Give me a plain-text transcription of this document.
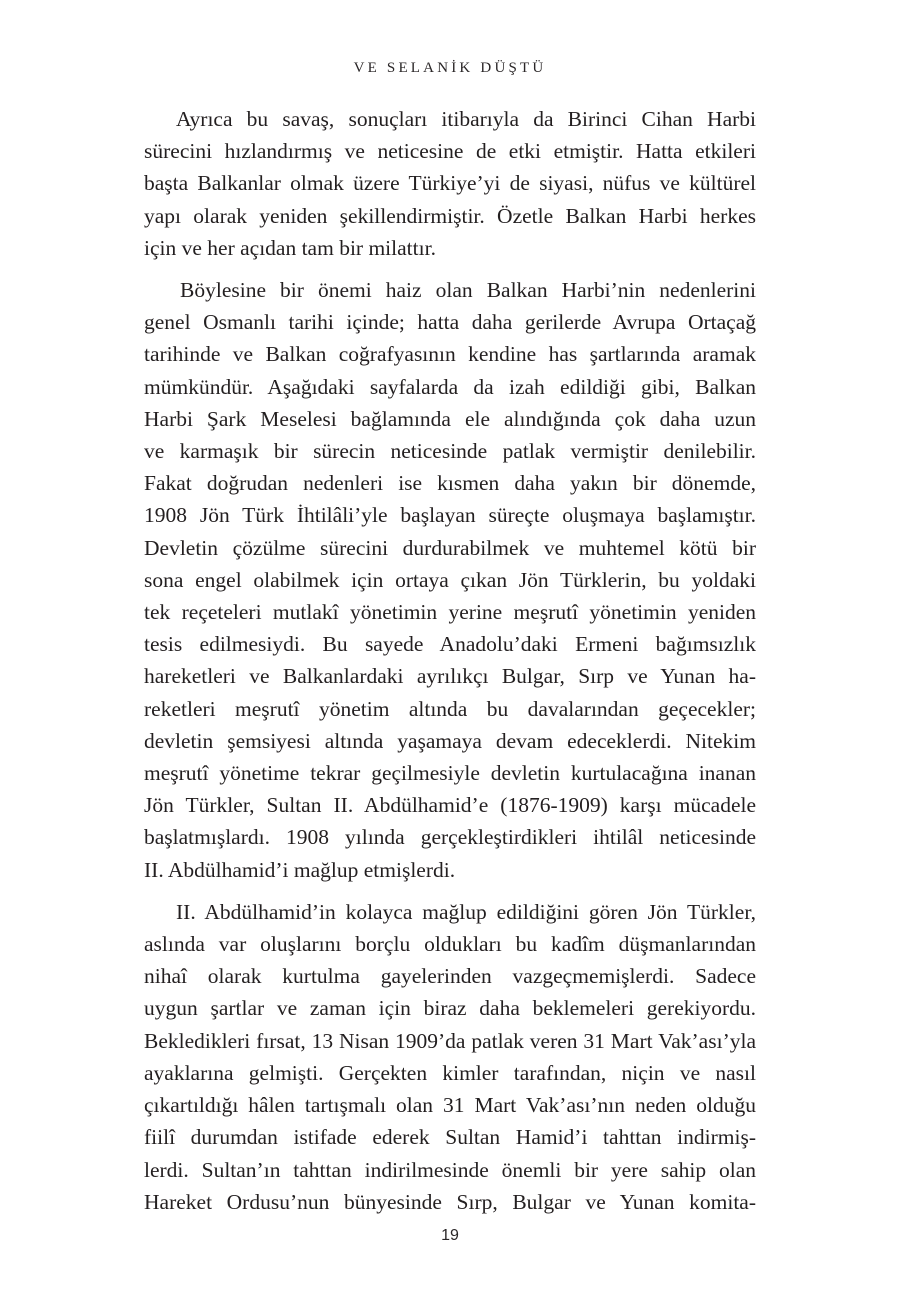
VE SELANİK DÜŞTÜ

Ayrıca bu savaş, sonuçları itibarıyla da Birinci Cihan Harbi
sürecini hızlandırmış ve neticesine de etki etmiştir. Hatta etkileri
başta Balkanlar olmak üzere Türkiye’yi de siyasi, nüfus ve kültürel
yapı olarak yeniden şekillendirmiştir. Özetle Balkan Harbi herkes
için ve her açıdan tam bir milattır.

Böylesine bir önemi haiz olan Balkan Harbi’nin nedenlerini
genel Osmanlı tarihi içinde; hatta daha gerilerde Avrupa Ortaçağ
tarihinde ve Balkan coğrafyasının kendine has şartlarında aramak
mümkündür. Aşağıdaki sayfalarda da izah edildiği gibi, Balkan
Harbi Şark Meselesi bağlamında ele alındığında çok daha uzun
ve karmaşık bir sürecin neticesinde patlak vermiştir denilebilir.
Fakat doğrudan nedenleri ise kısmen daha yakın bir dönemde,
1908 Jön Türk İhtilâli’yle başlayan süreçte oluşmaya başlamıştır.
Devletin çözülme sürecini durdurabilmek ve muhtemel kötü bir
sona engel olabilmek için ortaya çıkan Jön Türklerin, bu yoldaki
tek reçeteleri mutlakî yönetimin yerine meşrutî yönetimin yeniden
tesis edilmesiydi. Bu sayede Anadolu’daki Ermeni bağımsızlık
hareketleri ve Balkanlardaki ayrılıkçı Bulgar, Sırp ve Yunan ha-
reketleri meşrutî yönetim altında bu davalarından geçecekler;
devletin şemsiyesi altında yaşamaya devam edeceklerdi. Nitekim
meşrutî yönetime tekrar geçilmesiyle devletin kurtulacağına inanan
Jön Türkler, Sultan II. Abdülhamid’e (1876-1909) karşı mücadele
başlatmışlardı. 1908 yılında gerçekleştirdikleri ihtilâl neticesinde
II. Abdülhamid’i mağlup etmişlerdi.

II. Abdülhamid’in kolayca mağlup edildiğini gören Jön Türkler,
aslında var oluşlarını borçlu oldukları bu kadîm düşmanlarından
nihaî olarak kurtulma gayelerinden vazgeçmemişlerdi. Sadece
uygun şartlar ve zaman için biraz daha beklemeleri gerekiyordu.
Bekledikleri fırsat, 13 Nisan 1909’da patlak veren 31 Mart Vak’ası’yla
ayaklarına gelmişti. Gerçekten kimler tarafından, niçin ve nasıl
çıkartıldığı hâlen tartışmalı olan 31 Mart Vak’ası’nın neden olduğu
fiilî durumdan istifade ederek Sultan Hamid’i tahttan indirmiş-
lerdi. Sultan’ın tahttan indirilmesinde önemli bir yere sahip olan
Hareket Ordusu’nun bünyesinde Sırp, Bulgar ve Yunan komita-

19
